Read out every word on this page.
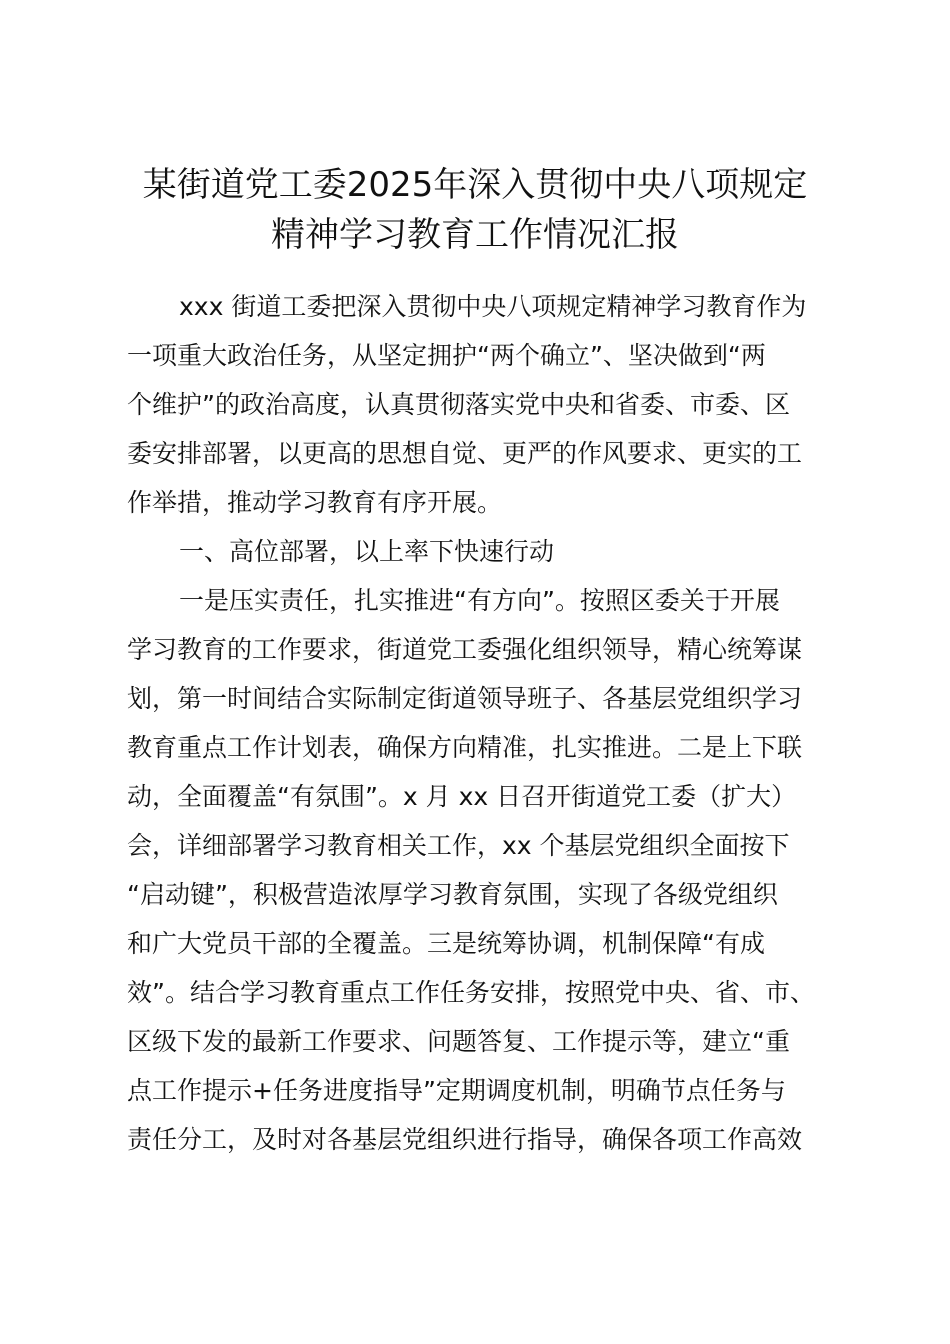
某街道党工委2025年深入贯彻中央八项规定
精神学习教育工作情况汇报
xxx 街道工委把深入贯彻中央八项规定精神学习教育作为
一项重大政治任务，从坚定拥护“两个确立”、坚决做到“两
个维护”的政治高度，认真贯彻落实党中央和省委、市委、区
委安排部署，以更高的思想自觉、更严的作风要求、更实的工
作举措，推动学习教育有序开展。
一、高位部署，以上率下快速行动
一是压实责任，扎实推进“有方向”。按照区委关于开展
学习教育的工作要求，街道党工委强化组织领导，精心统筹谋
划，第一时间结合实际制定街道领导班子、各基层党组织学习
教育重点工作计划表，确保方向精准，扎实推进。二是上下联
动，全面覆盖“有氛围”。x 月 xx 日召开街道党工委（扩大）
会，详细部署学习教育相关工作，xx 个基层党组织全面按下
“启动键”，积极营造浓厚学习教育氛围，实现了各级党组织
和广大党员干部的全覆盖。三是统筹协调，机制保障“有成
效”。结合学习教育重点工作任务安排，按照党中央、省、市、
区级下发的最新工作要求、问题答复、工作提示等，建立“重
点工作提示+任务进度指导”定期调度机制，明确节点任务与
责任分工，及时对各基层党组织进行指导，确保各项工作高效
